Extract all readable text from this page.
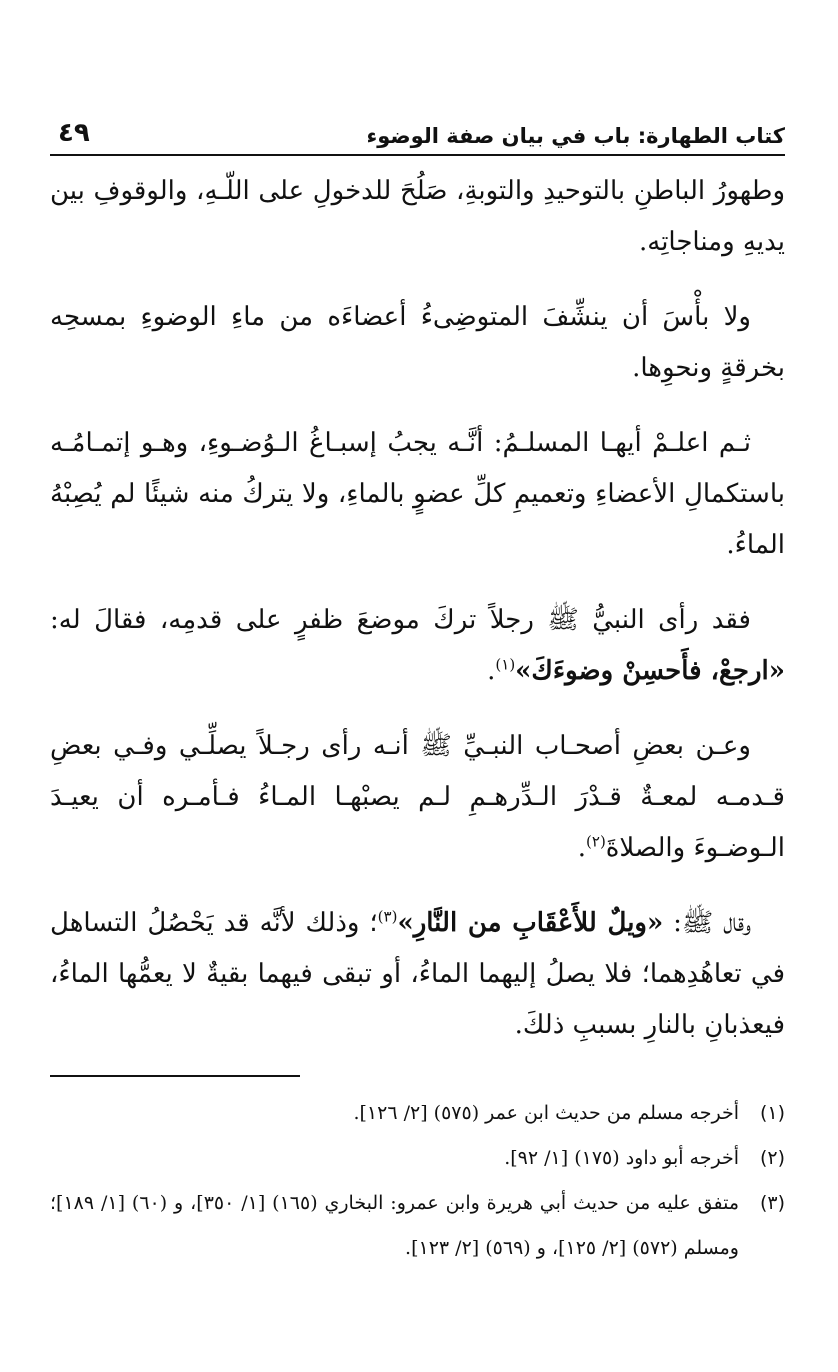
كتاب الطهارة: باب في بيان صفة الوضوء
٤٩

وطهورُ الباطنِ بالتوحيدِ والتوبةِ، صَلُحَ للدخولِ على اللّـهِ، والوقوفِ بين يديهِ ومناجاتِه.

ولا بأْسَ أن ينشِّفَ المتوضِىءُ أعضاءَه من ماءِ الوضوءِ بمسحِه بخرقةٍ ونحوِها.

ثـم اعلـمْ أيهـا المسلـمُ: أنَّـه يجبُ إسبـاغُ الـوُضـوءِ، وهـو إتمـامُـه باستكمالِ الأعضاءِ وتعميمِ كلِّ عضوٍ بالماءِ، ولا يتركُ منه شيئًا لم يُصِبْهُ الماءُ.

فقد رأى النبيُّ ﷺ رجلاً تركَ موضعَ ظفرٍ على قدمِه، فقالَ له: «ارجعْ، فأَحسِنْ وضوءَكَ»$^{(١)}$.

وعـن بعضِ أصحـاب النبـيِّ ﷺ أنـه رأى رجـلاً يصلِّـي وفـي بعضِ قـدمـه لمعـةٌ قـدْرَ الـدِّرهـمِ لـم يصبْهـا المـاءُ فـأمـره أن يعيـدَ الـوضـوءَ والصلاةَ$^{(٢)}$.

وقال ﷺ: «ويلٌ للأَعْقَابِ من النَّارِ»$^{(٣)}$؛ وذلك لأنَّه قد يَحْصُلُ التساهل في تعاهُدِهما؛ فلا يصلُ إليهما الماءُ، أو تبقى فيهما بقيةٌ لا يعمُّها الماءُ، فيعذبانِ بالنارِ بسببِ ذلكَ.

(١)
أخرجه مسلم من حديث ابن عمر (٥٧٥) [٢/ ١٢٦].
(٢)
أخرجه أبو داود (١٧٥) [١/ ٩٢].
(٣)
متفق عليه من حديث أبي هريرة وابن عمرو: البخاري (١٦٥) [١/ ٣٥٠]، و (٦٠) [١/ ١٨٩]؛ ومسلم (٥٧٢) [٢/ ١٢٥]، و (٥٦٩) [٢/ ١٢٣].
